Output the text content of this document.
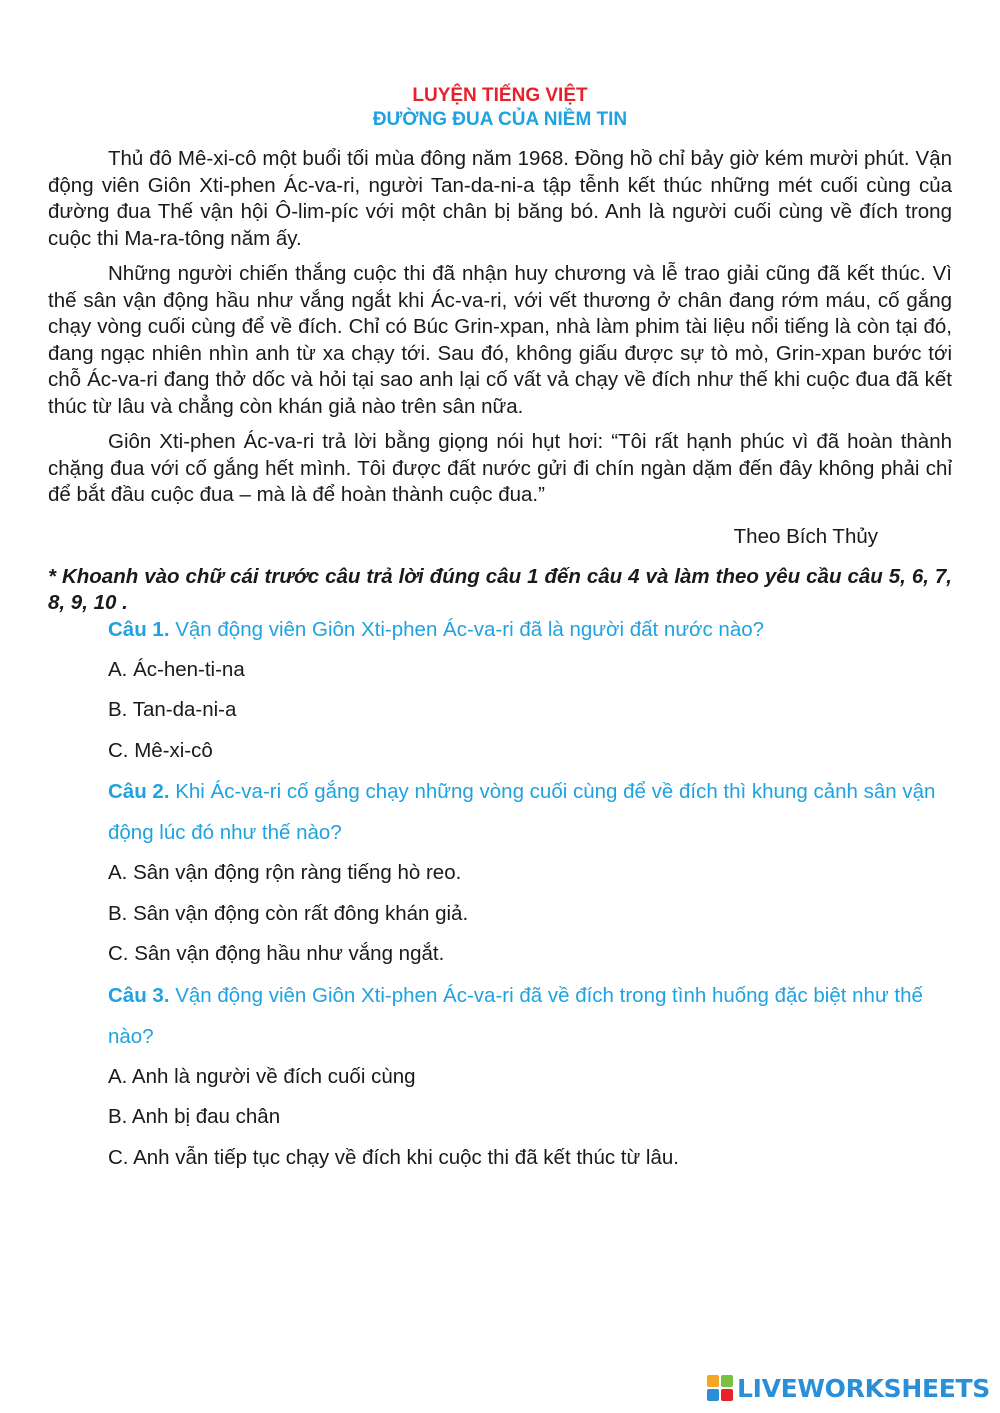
LUYỆN TIẾNG VIỆT
ĐƯỜNG ĐUA CỦA NIỀM TIN

Thủ đô Mê-xi-cô một buổi tối mùa đông năm 1968. Đồng hồ chỉ bảy giờ kém mười phút. Vận động viên Giôn Xti-phen Ác-va-ri, người Tan-da-ni-a tập tễnh kết thúc những mét cuối cùng của đường đua Thế vận hội Ô-lim-píc với một chân bị băng bó. Anh là người cuối cùng về đích trong cuộc thi Ma-ra-tông năm ấy.

Những người chiến thắng cuộc thi đã nhận huy chương và lễ trao giải cũng đã kết thúc. Vì thế sân vận động hầu như vắng ngắt khi Ác-va-ri, với vết thương ở chân đang rớm máu, cố gắng chạy vòng cuối cùng để về đích. Chỉ có Búc Grin-xpan, nhà làm phim tài liệu nổi tiếng là còn tại đó, đang ngạc nhiên nhìn anh từ xa chạy tới. Sau đó, không giấu được sự tò mò, Grin-xpan bước tới chỗ Ác-va-ri đang thở dốc và hỏi tại sao anh lại cố vất vả chạy về đích như thế khi cuộc đua đã kết thúc từ lâu và chẳng còn khán giả nào trên sân nữa.

Giôn Xti-phen Ác-va-ri trả lời bằng giọng nói hụt hơi: “Tôi rất hạnh phúc vì đã hoàn thành chặng đua với cố gắng hết mình. Tôi được đất nước gửi đi chín ngàn dặm đến đây không phải chỉ để bắt đầu cuộc đua – mà là để hoàn thành cuộc đua.”

Theo Bích Thủy
* Khoanh vào chữ cái trước câu trả lời đúng câu 1 đến câu 4 và làm theo yêu cầu câu 5, 6, 7, 8, 9, 10 .
Câu 1. Vận động viên Giôn Xti-phen Ác-va-ri đã là người đất nước nào?
A. Ác-hen-ti-na
B. Tan-da-ni-a
C. Mê-xi-cô
Câu 2. Khi Ác-va-ri cố gắng chạy những vòng cuối cùng để về đích thì khung cảnh sân vận động lúc đó như thế nào?
A. Sân vận động rộn ràng tiếng hò reo.
B. Sân vận động còn rất đông khán giả.
C. Sân vận động hầu như vắng ngắt.
Câu 3. Vận động viên Giôn Xti-phen Ác-va-ri đã về đích trong tình huống đặc biệt như thế nào?
A. Anh là người về đích cuối cùng
B. Anh bị đau chân
C. Anh vẫn tiếp tục chạy về đích khi cuộc thi đã kết thúc từ lâu.
LIVEWORKSHEETS
